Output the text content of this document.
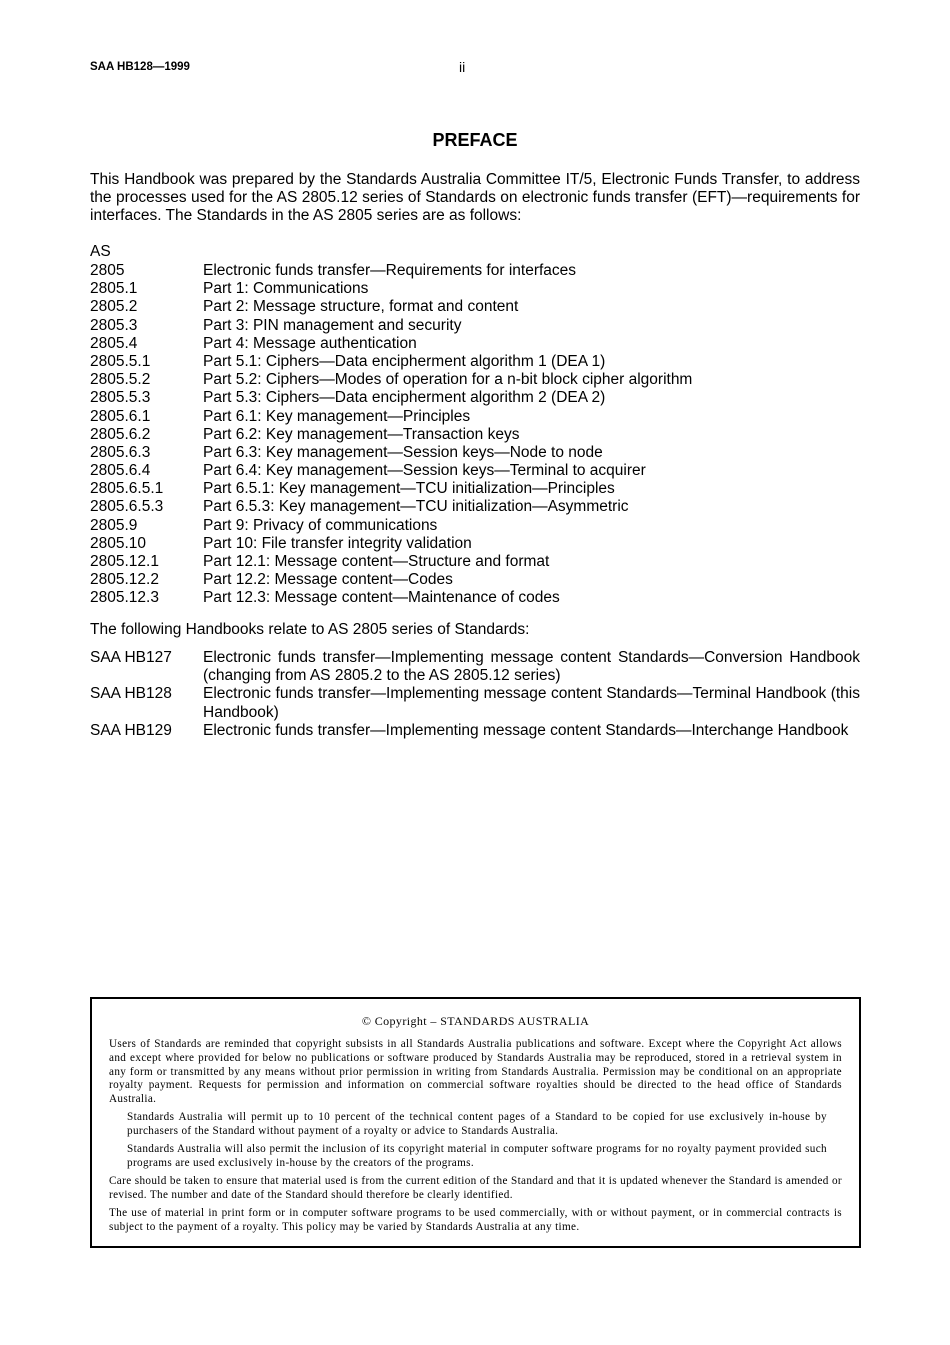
SAA HB128—1999	ii
PREFACE
This Handbook was prepared by the Standards Australia Committee IT/5, Electronic Funds Transfer, to address the processes used for the AS 2805.12 series of Standards on electronic funds transfer (EFT)—requirements for interfaces. The Standards in the AS 2805 series are as follows:
AS
2805	Electronic funds transfer—Requirements for interfaces
2805.1	Part 1: Communications
2805.2	Part 2: Message structure, format and content
2805.3	Part 3: PIN management and security
2805.4	Part 4: Message authentication
2805.5.1	Part 5.1: Ciphers—Data encipherment algorithm 1 (DEA 1)
2805.5.2	Part 5.2: Ciphers—Modes of operation for a n-bit block cipher algorithm
2805.5.3	Part 5.3: Ciphers—Data encipherment algorithm 2 (DEA 2)
2805.6.1	Part 6.1: Key management—Principles
2805.6.2	Part 6.2: Key management—Transaction keys
2805.6.3	Part 6.3: Key management—Session keys—Node to node
2805.6.4	Part 6.4: Key management—Session keys—Terminal to acquirer
2805.6.5.1	Part 6.5.1: Key management—TCU initialization—Principles
2805.6.5.3	Part 6.5.3: Key management—TCU initialization—Asymmetric
2805.9	Part 9: Privacy of communications
2805.10	Part 10: File transfer integrity validation
2805.12.1	Part 12.1: Message content—Structure and format
2805.12.2	Part 12.2: Message content—Codes
2805.12.3	Part 12.3: Message content—Maintenance of codes
The following Handbooks relate to AS 2805 series of Standards:
SAA HB127	Electronic funds transfer—Implementing message content Standards—Conversion Handbook (changing from AS 2805.2 to the AS 2805.12 series)
SAA HB128	Electronic funds transfer—Implementing message content Standards—Terminal Handbook (this Handbook)
SAA HB129	Electronic funds transfer—Implementing message content Standards—Interchange Handbook
© Copyright – STANDARDS AUSTRALIA

Users of Standards are reminded that copyright subsists in all Standards Australia publications and software. Except where the Copyright Act allows and except where provided for below no publications or software produced by Standards Australia may be reproduced, stored in a retrieval system in any form or transmitted by any means without prior permission in writing from Standards Australia. Permission may be conditional on an appropriate royalty payment. Requests for permission and information on commercial software royalties should be directed to the head office of Standards Australia.

Standards Australia will permit up to 10 percent of the technical content pages of a Standard to be copied for use exclusively in-house by purchasers of the Standard without payment of a royalty or advice to Standards Australia.

Standards Australia will also permit the inclusion of its copyright material in computer software programs for no royalty payment provided such programs are used exclusively in-house by the creators of the programs.

Care should be taken to ensure that material used is from the current edition of the Standard and that it is updated whenever the Standard is amended or revised. The number and date of the Standard should therefore be clearly identified.

The use of material in print form or in computer software programs to be used commercially, with or without payment, or in commercial contracts is subject to the payment of a royalty. This policy may be varied by Standards Australia at any time.
